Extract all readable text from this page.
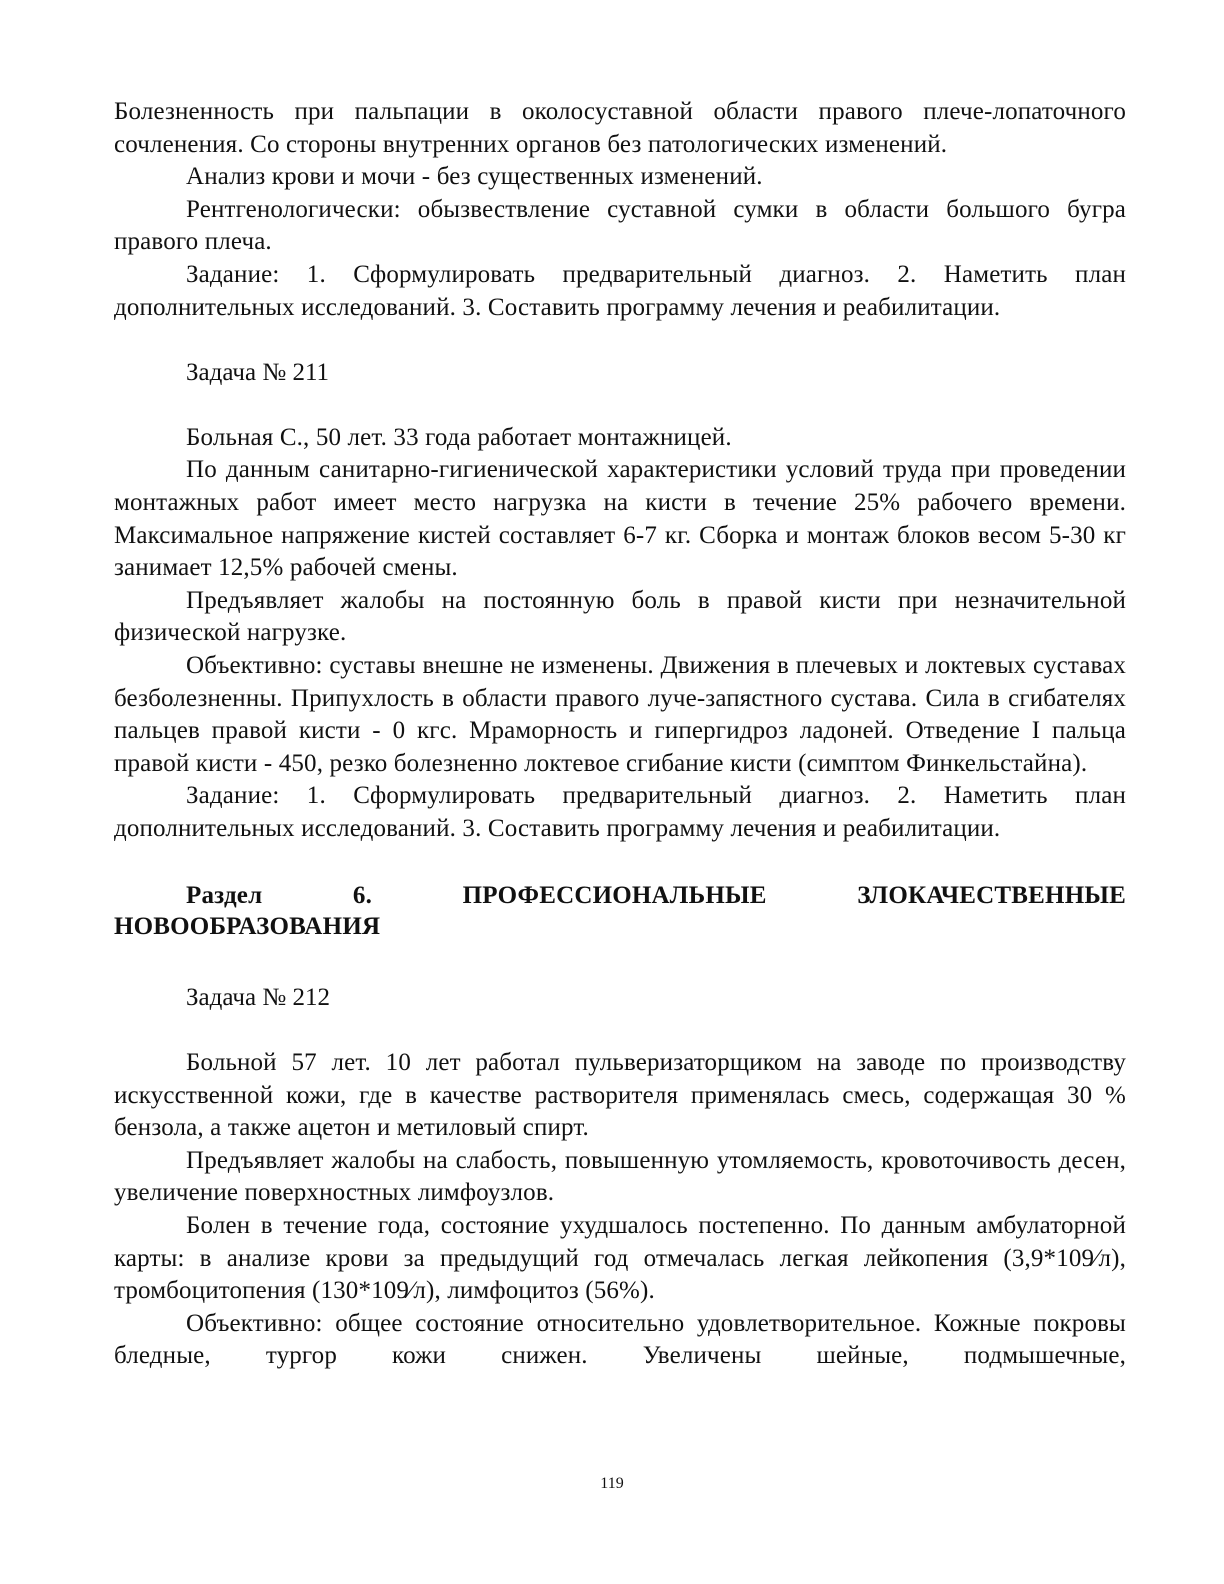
Болезненность при пальпации в околосуставной области правого плече-лопаточного сочленения. Со стороны внутренних органов без патологических изменений.

Анализ крови и мочи - без существенных изменений.

Рентгенологически: обызвествление суставной сумки в области большого бугра правого плеча.

Задание: 1. Сформулировать предварительный диагноз. 2. Наметить план дополнительных исследований. 3. Составить программу лечения и реабилитации.

Задача № 211

Больная С., 50 лет. 33 года работает монтажницей.

По данным санитарно-гигиенической характеристики условий труда при проведении монтажных работ имеет место нагрузка на кисти в течение 25% рабочего времени. Максимальное напряжение кистей составляет 6-7 кг. Сборка и монтаж блоков весом 5-30 кг занимает 12,5% рабочей смены.

Предъявляет жалобы на постоянную боль в правой кисти при незначительной физической нагрузке.

Объективно: суставы внешне не изменены. Движения в плечевых и локтевых суставах безболезненны. Припухлость в области правого луче-запястного сустава. Сила в сгибателях пальцев правой кисти - 0 кгс. Мраморность и гипергидроз ладоней. Отведение I пальца правой кисти - 450, резко болезненно локтевое сгибание кисти (симптом Финкельстайна).

Задание: 1. Сформулировать предварительный диагноз. 2. Наметить план дополнительных исследований. 3. Составить программу лечения и реабилитации.

Раздел	6.	ПРОФЕССИОНАЛЬНЫЕ	ЗЛОКАЧЕСТВЕННЫЕ
НОВООБРАЗОВАНИЯ

Задача № 212

Больной 57 лет. 10 лет работал пульверизаторщиком на заводе по производству искусственной кожи, где в качестве растворителя применялась смесь, содержащая 30 % бензола, а также ацетон и метиловый спирт.

Предъявляет жалобы на слабость, повышенную утомляемость, кровоточивость десен, увеличение поверхностных лимфоузлов.

Болен в течение года, состояние ухудшалось постепенно. По данным амбулаторной карты: в анализе крови за предыдущий год отмечалась легкая лейкопения (3,9*109⁄л), тромбоцитопения (130*109⁄л), лимфоцитоз (56%).

Объективно: общее состояние относительно удовлетворительное. Кожные покровы бледные, тургор кожи снижен. Увеличены шейные, подмышечные,

119
